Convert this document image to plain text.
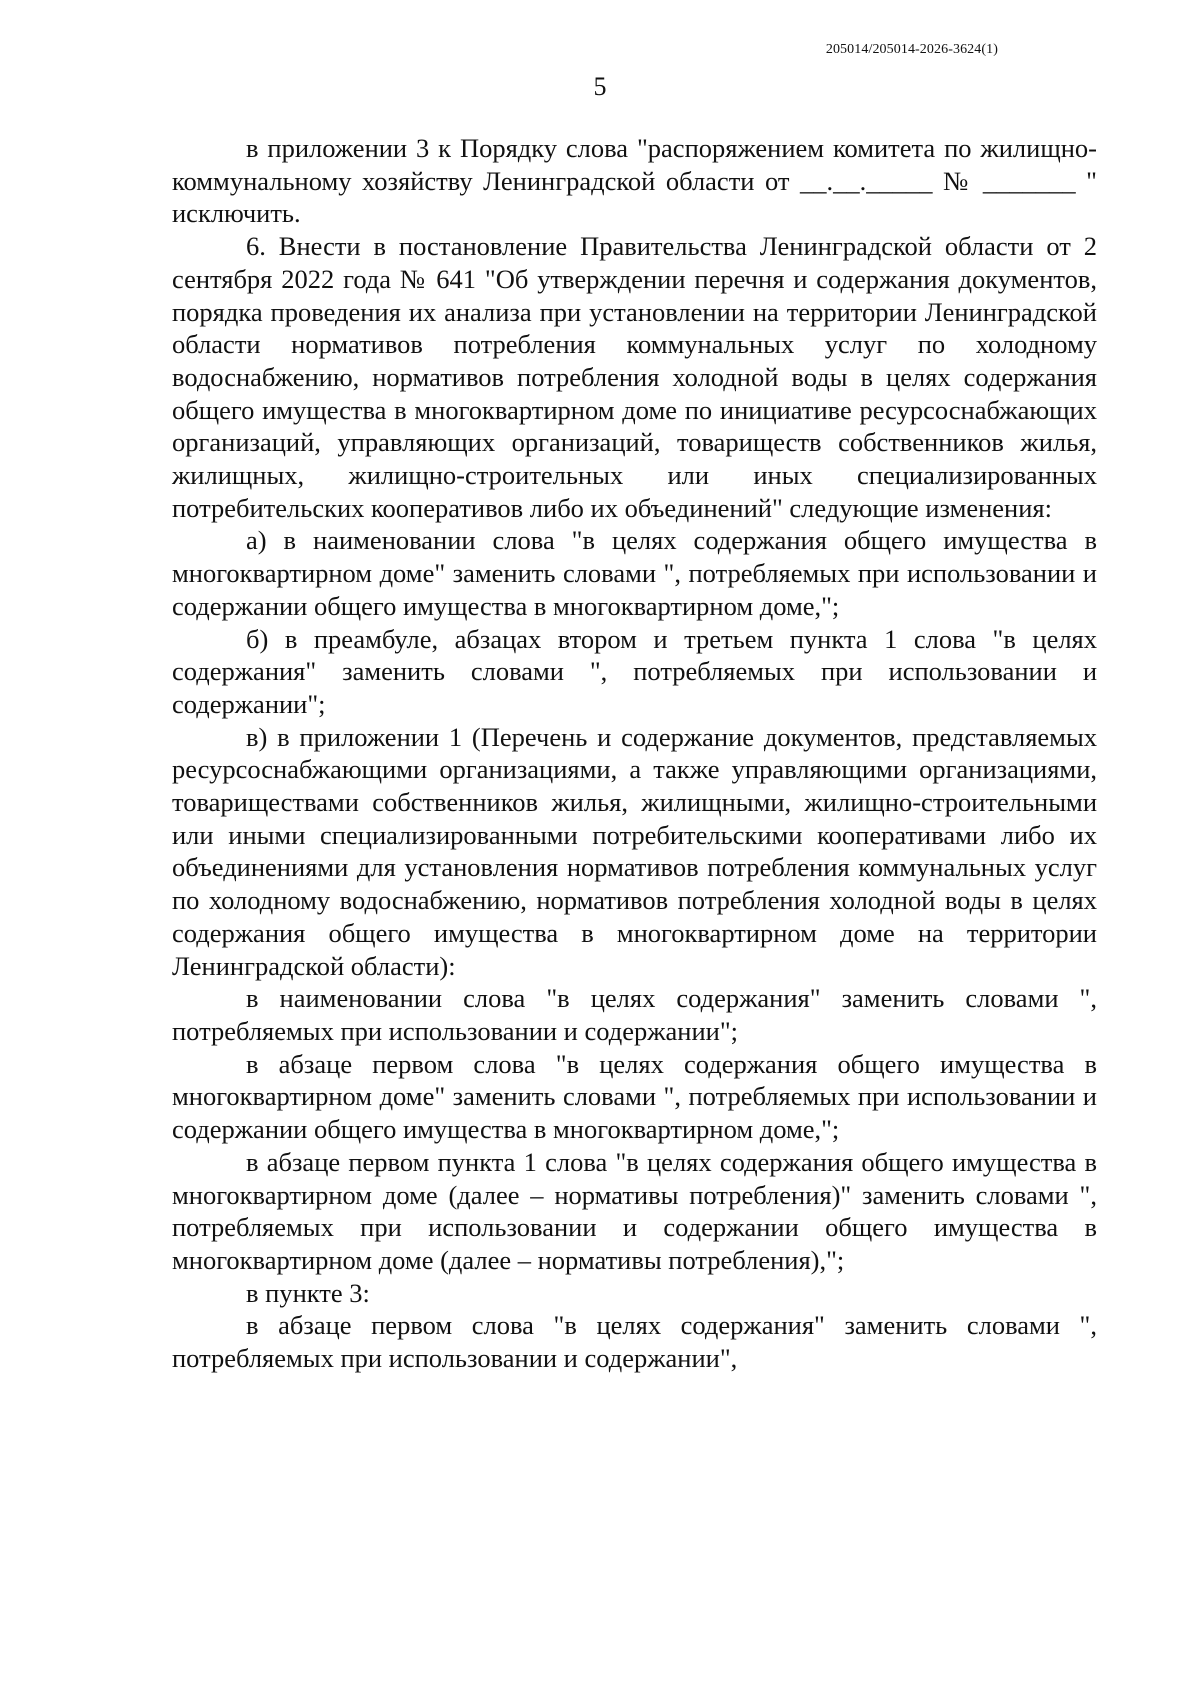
205014/205014-2026-3624(1)
5

в приложении 3 к Порядку слова "распоряжением комитета по жилищно-коммунальному хозяйству Ленинградской области от __.__._____ № _______ " исключить.

6. Внести в постановление Правительства Ленинградской области от 2 сентября 2022 года № 641 "Об утверждении перечня и содержания документов, порядка проведения их анализа при установлении на территории Ленинградской области нормативов потребления коммунальных услуг по холодному водоснабжению, нормативов потребления холодной воды в целях содержания общего имущества в многоквартирном доме по инициативе ресурсоснабжающих организаций, управляющих организаций, товариществ собственников жилья, жилищных, жилищно-строительных или иных специализированных потребительских кооперативов либо их объединений" следующие изменения:

а) в наименовании слова "в целях содержания общего имущества в многоквартирном доме" заменить словами ", потребляемых при использовании и содержании общего имущества в многоквартирном доме,";

б) в преамбуле, абзацах втором и третьем пункта 1 слова "в целях содержания" заменить словами ", потребляемых при использовании и содержании";

в) в приложении 1 (Перечень и содержание документов, представляемых ресурсоснабжающими организациями, а также управляющими организациями, товариществами собственников жилья, жилищными, жилищно-строительными или иными специализированными потребительскими кооперативами либо их объединениями для установления нормативов потребления коммунальных услуг по холодному водоснабжению, нормативов потребления холодной воды в целях содержания общего имущества в многоквартирном доме на территории Ленинградской области):

в наименовании слова "в целях содержания" заменить словами ", потребляемых при использовании и содержании";

в абзаце первом слова "в целях содержания общего имущества в многоквартирном доме" заменить словами ", потребляемых при использовании и содержании общего имущества в многоквартирном доме,";

в абзаце первом пункта 1 слова "в целях содержания общего имущества в многоквартирном доме (далее – нормативы потребления)" заменить словами ", потребляемых при использовании и содержании общего имущества в многоквартирном доме (далее – нормативы потребления),";

в пункте 3:

в абзаце первом слова "в целях содержания" заменить словами ", потребляемых при использовании и содержании",
